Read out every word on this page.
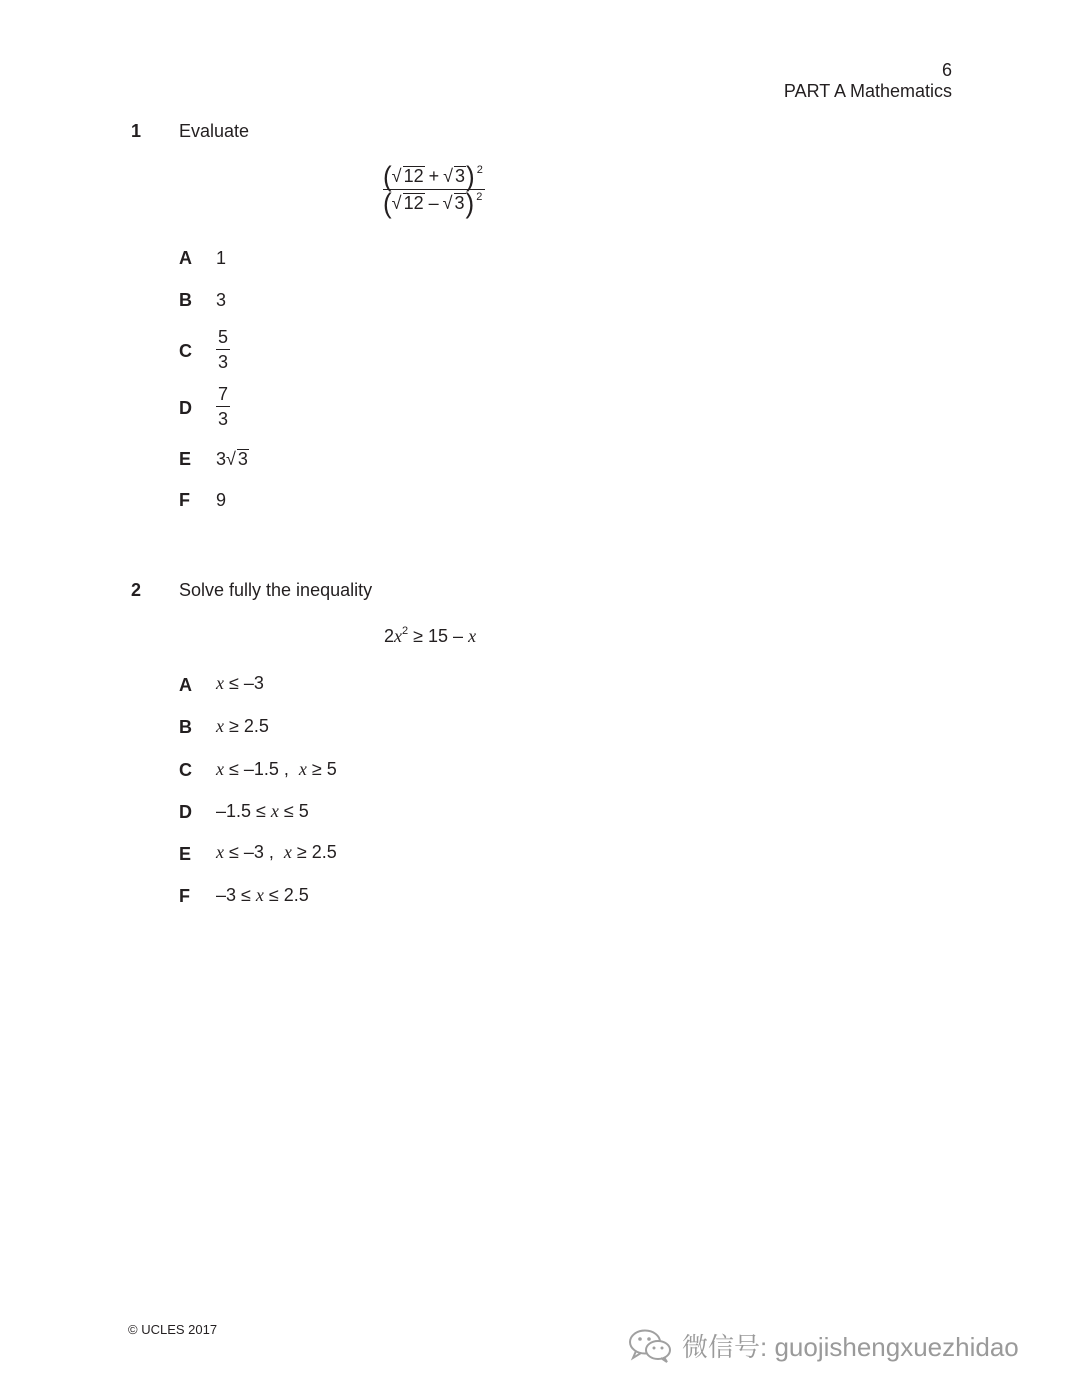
6
PART A Mathematics
1 Evaluate
( √ 12 + √ 3 )$^2$
( √ 12 – √ 3 )$^2$
A 1
B 3
C $\frac{5}{3}$
D $\frac{7}{3}$
E 3 √ 3
F 9
2 Solve fully the inequality
$2x^2 \ge 15 - x$
A x ≤ –3
B x ≥ 2.5
C x ≤ –1.5 ,  x ≥ 5
D –1.5 ≤ x ≤ 5
E x ≤ –3 ,  x ≥ 2.5
F –3 ≤ x ≤ 2.5
© UCLES 2017
微信号: guojishengxuezhidao
